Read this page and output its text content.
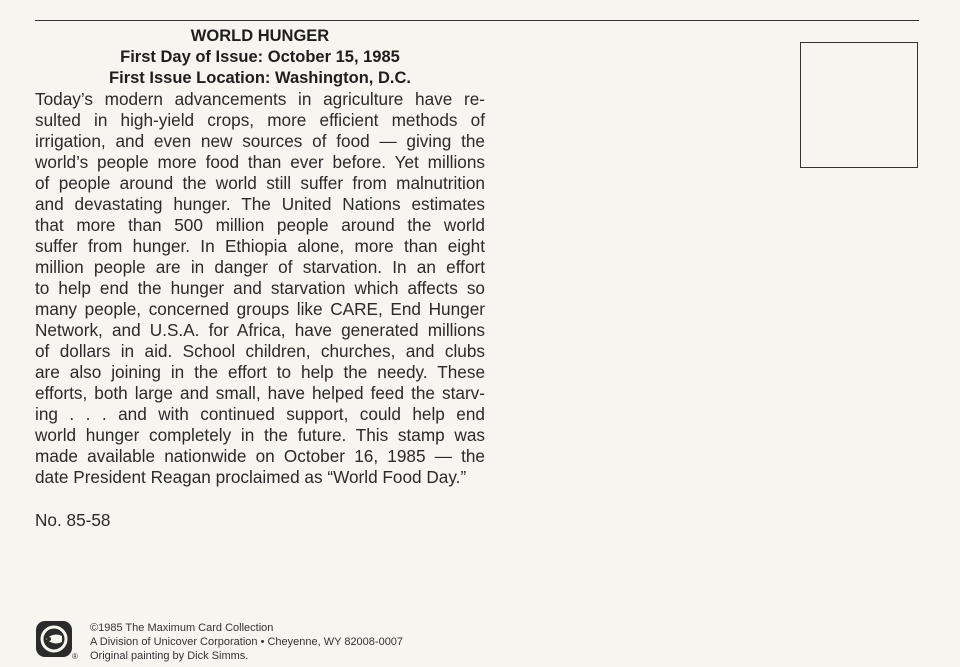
WORLD HUNGER
First Day of Issue: October 15, 1985
First Issue Location: Washington, D.C.
Today’s modern advancements in agriculture have re-
sulted in high-yield crops, more efficient methods of
irrigation, and even new sources of food — giving the
world’s people more food than ever before. Yet millions
of people around the world still suffer from malnutrition
and devastating hunger. The United Nations estimates
that more than 500 million people around the world
suffer from hunger. In Ethiopia alone, more than eight
million people are in danger of starvation. In an effort
to help end the hunger and starvation which affects so
many people, concerned groups like CARE, End Hunger
Network, and U.S.A. for Africa, have generated millions
of dollars in aid. School children, churches, and clubs
are also joining in the effort to help the needy. These
efforts, both large and small, have helped feed the starv-
ing . . . and with continued support, could help end
world hunger completely in the future. This stamp was
made available nationwide on October 16, 1985 — the
date President Reagan proclaimed as “World Food Day.”
No. 85-58
®
©1985 The Maximum Card Collection
A Division of Unicover Corporation • Cheyenne, WY 82008-0007
Original painting by Dick Simms.
